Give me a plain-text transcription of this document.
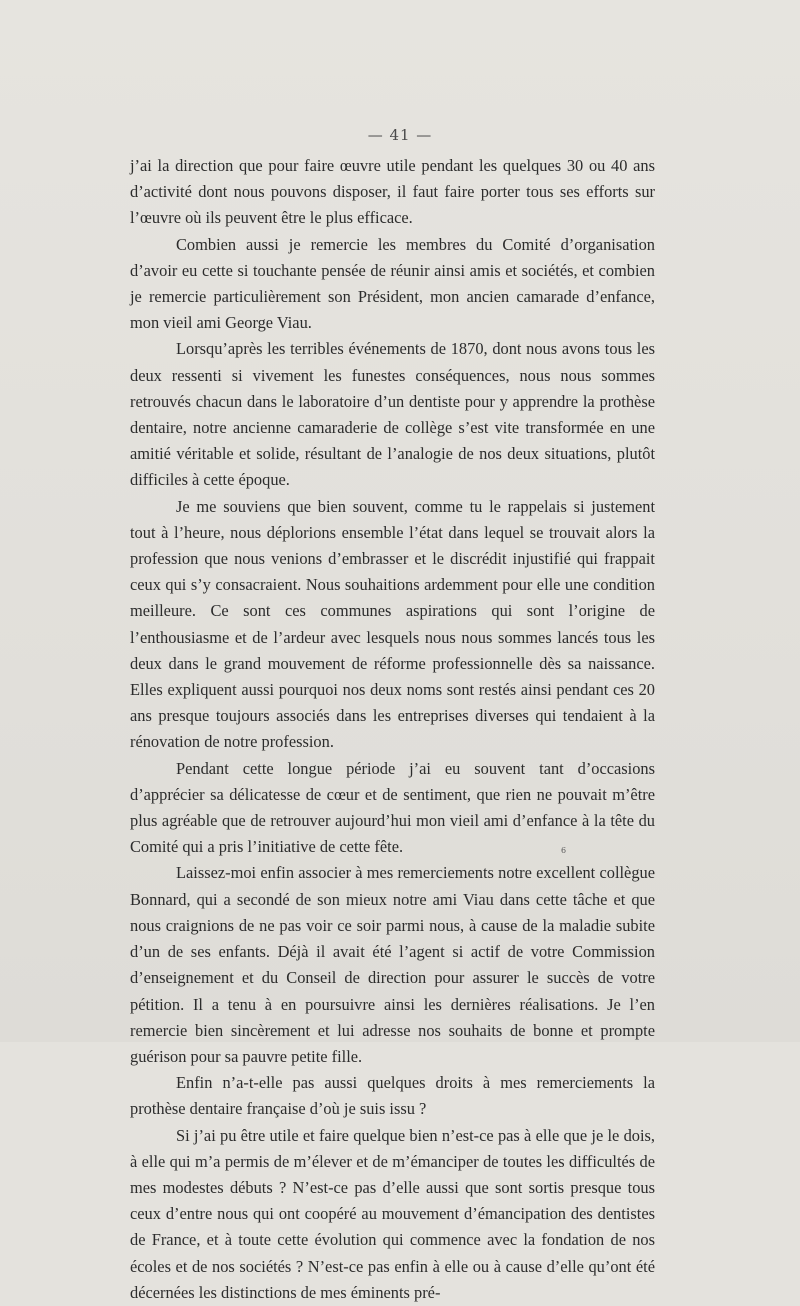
— 41 —

j’ai la direction que pour faire œuvre utile pendant les quelques 30 ou 40 ans d’activité dont nous pouvons disposer, il faut faire porter tous ses efforts sur l’œuvre où ils peuvent être le plus efficace.

Combien aussi je remercie les membres du Comité d’organisation d’avoir eu cette si touchante pensée de réunir ainsi amis et sociétés, et combien je remercie particulièrement son Président, mon ancien camarade d’enfance, mon vieil ami George Viau.

Lorsqu’après les terribles événements de 1870, dont nous avons tous les deux ressenti si vivement les funestes conséquences, nous nous sommes retrouvés chacun dans le laboratoire d’un dentiste pour y apprendre la prothèse dentaire, notre ancienne camaraderie de collège s’est vite transformée en une amitié véritable et solide, résultant de l’analogie de nos deux situations, plutôt difficiles à cette époque.

Je me souviens que bien souvent, comme tu le rappelais si justement tout à l’heure, nous déplorions ensemble l’état dans lequel se trouvait alors la profession que nous venions d’embrasser et le discrédit injustifié qui frappait ceux qui s’y consacraient. Nous souhaitions ardemment pour elle une condition meilleure. Ce sont ces communes aspirations qui sont l’origine de l’enthousiasme et de l’ardeur avec lesquels nous nous sommes lancés tous les deux dans le grand mouvement de réforme professionnelle dès sa naissance. Elles expliquent aussi pourquoi nos deux noms sont restés ainsi pendant ces 20 ans presque toujours associés dans les entreprises diverses qui tendaient à la rénovation de notre profession.

Pendant cette longue période j’ai eu souvent tant d’occasions d’apprécier sa délicatesse de cœur et de sentiment, que rien ne pouvait m’être plus agréable que de retrouver aujourd’hui mon vieil ami d’enfance à la tête du Comité qui a pris l’initiative de cette fête.

Laissez-moi enfin associer à mes remerciements notre excellent collègue Bonnard, qui a secondé de son mieux notre ami Viau dans cette tâche et que nous craignions de ne pas voir ce soir parmi nous, à cause de la maladie subite d’un de ses enfants. Déjà il avait été l’agent si actif de votre Commission d’enseignement et du Conseil de direction pour assurer le succès de votre pétition. Il a tenu à en poursuivre ainsi les dernières réalisations. Je l’en remercie bien sincèrement et lui adresse nos souhaits de bonne et prompte guérison pour sa pauvre petite fille.

Enfin n’a-t-elle pas aussi quelques droits à mes remerciements la prothèse dentaire française d’où je suis issu ?

Si j’ai pu être utile et faire quelque bien n’est-ce pas à elle que je le dois, à elle qui m’a permis de m’élever et de m’émanciper de toutes les difficultés de mes modestes débuts ? N’est-ce pas d’elle aussi que sont sortis presque tous ceux d’entre nous qui ont coopéré au mouvement d’émancipation des dentistes de France, et à toute cette évolution qui commence avec la fondation de nos écoles et de nos sociétés ? N’est-ce pas enfin à elle ou à cause d’elle qu’ont été décernées les distinctions de mes éminents pré-

6
